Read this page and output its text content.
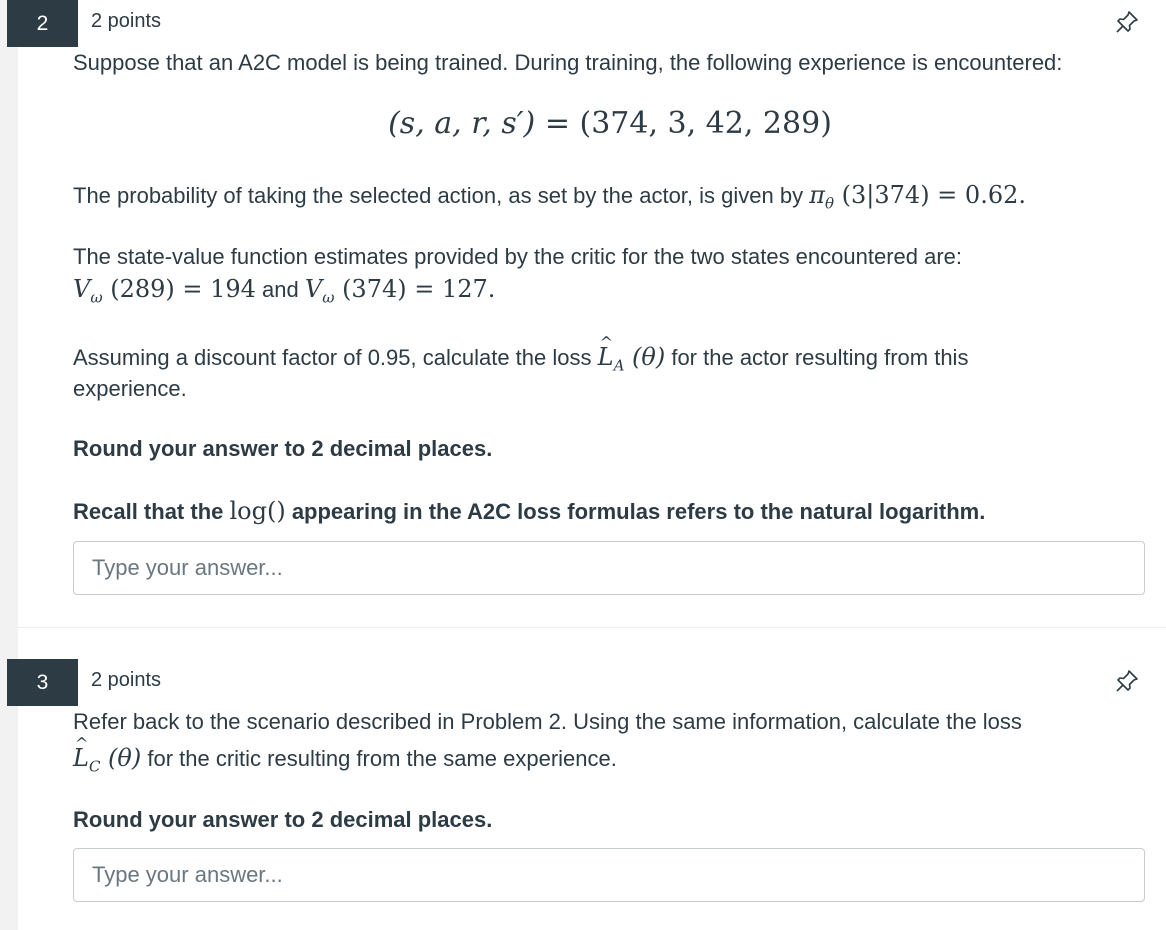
2	2 points
Suppose that an A2C model is being trained. During training, the following experience is encountered:
(s, a, r, s′) = (374, 3, 42, 289)
The probability of taking the selected action, as set by the actor, is given by $\pi_\theta$ (3|374) = 0.62.
The state-value function estimates provided by the critic for the two states encountered are:
$V_\omega$ (289) = 194 and $V_\omega$ (374) = 127.
Assuming a discount factor of 0.95, calculate the loss ^ $L_A$ (θ) for the actor resulting from this
experience.
Round your answer to 2 decimal places.
Recall that the log() appearing in the A2C loss formulas refers to the natural logarithm.
Type your answer...
3	2 points
Refer back to the scenario described in Problem 2. Using the same information, calculate the loss
^ $L_C$ (θ) for the critic resulting from the same experience.
Round your answer to 2 decimal places.
Type your answer...
